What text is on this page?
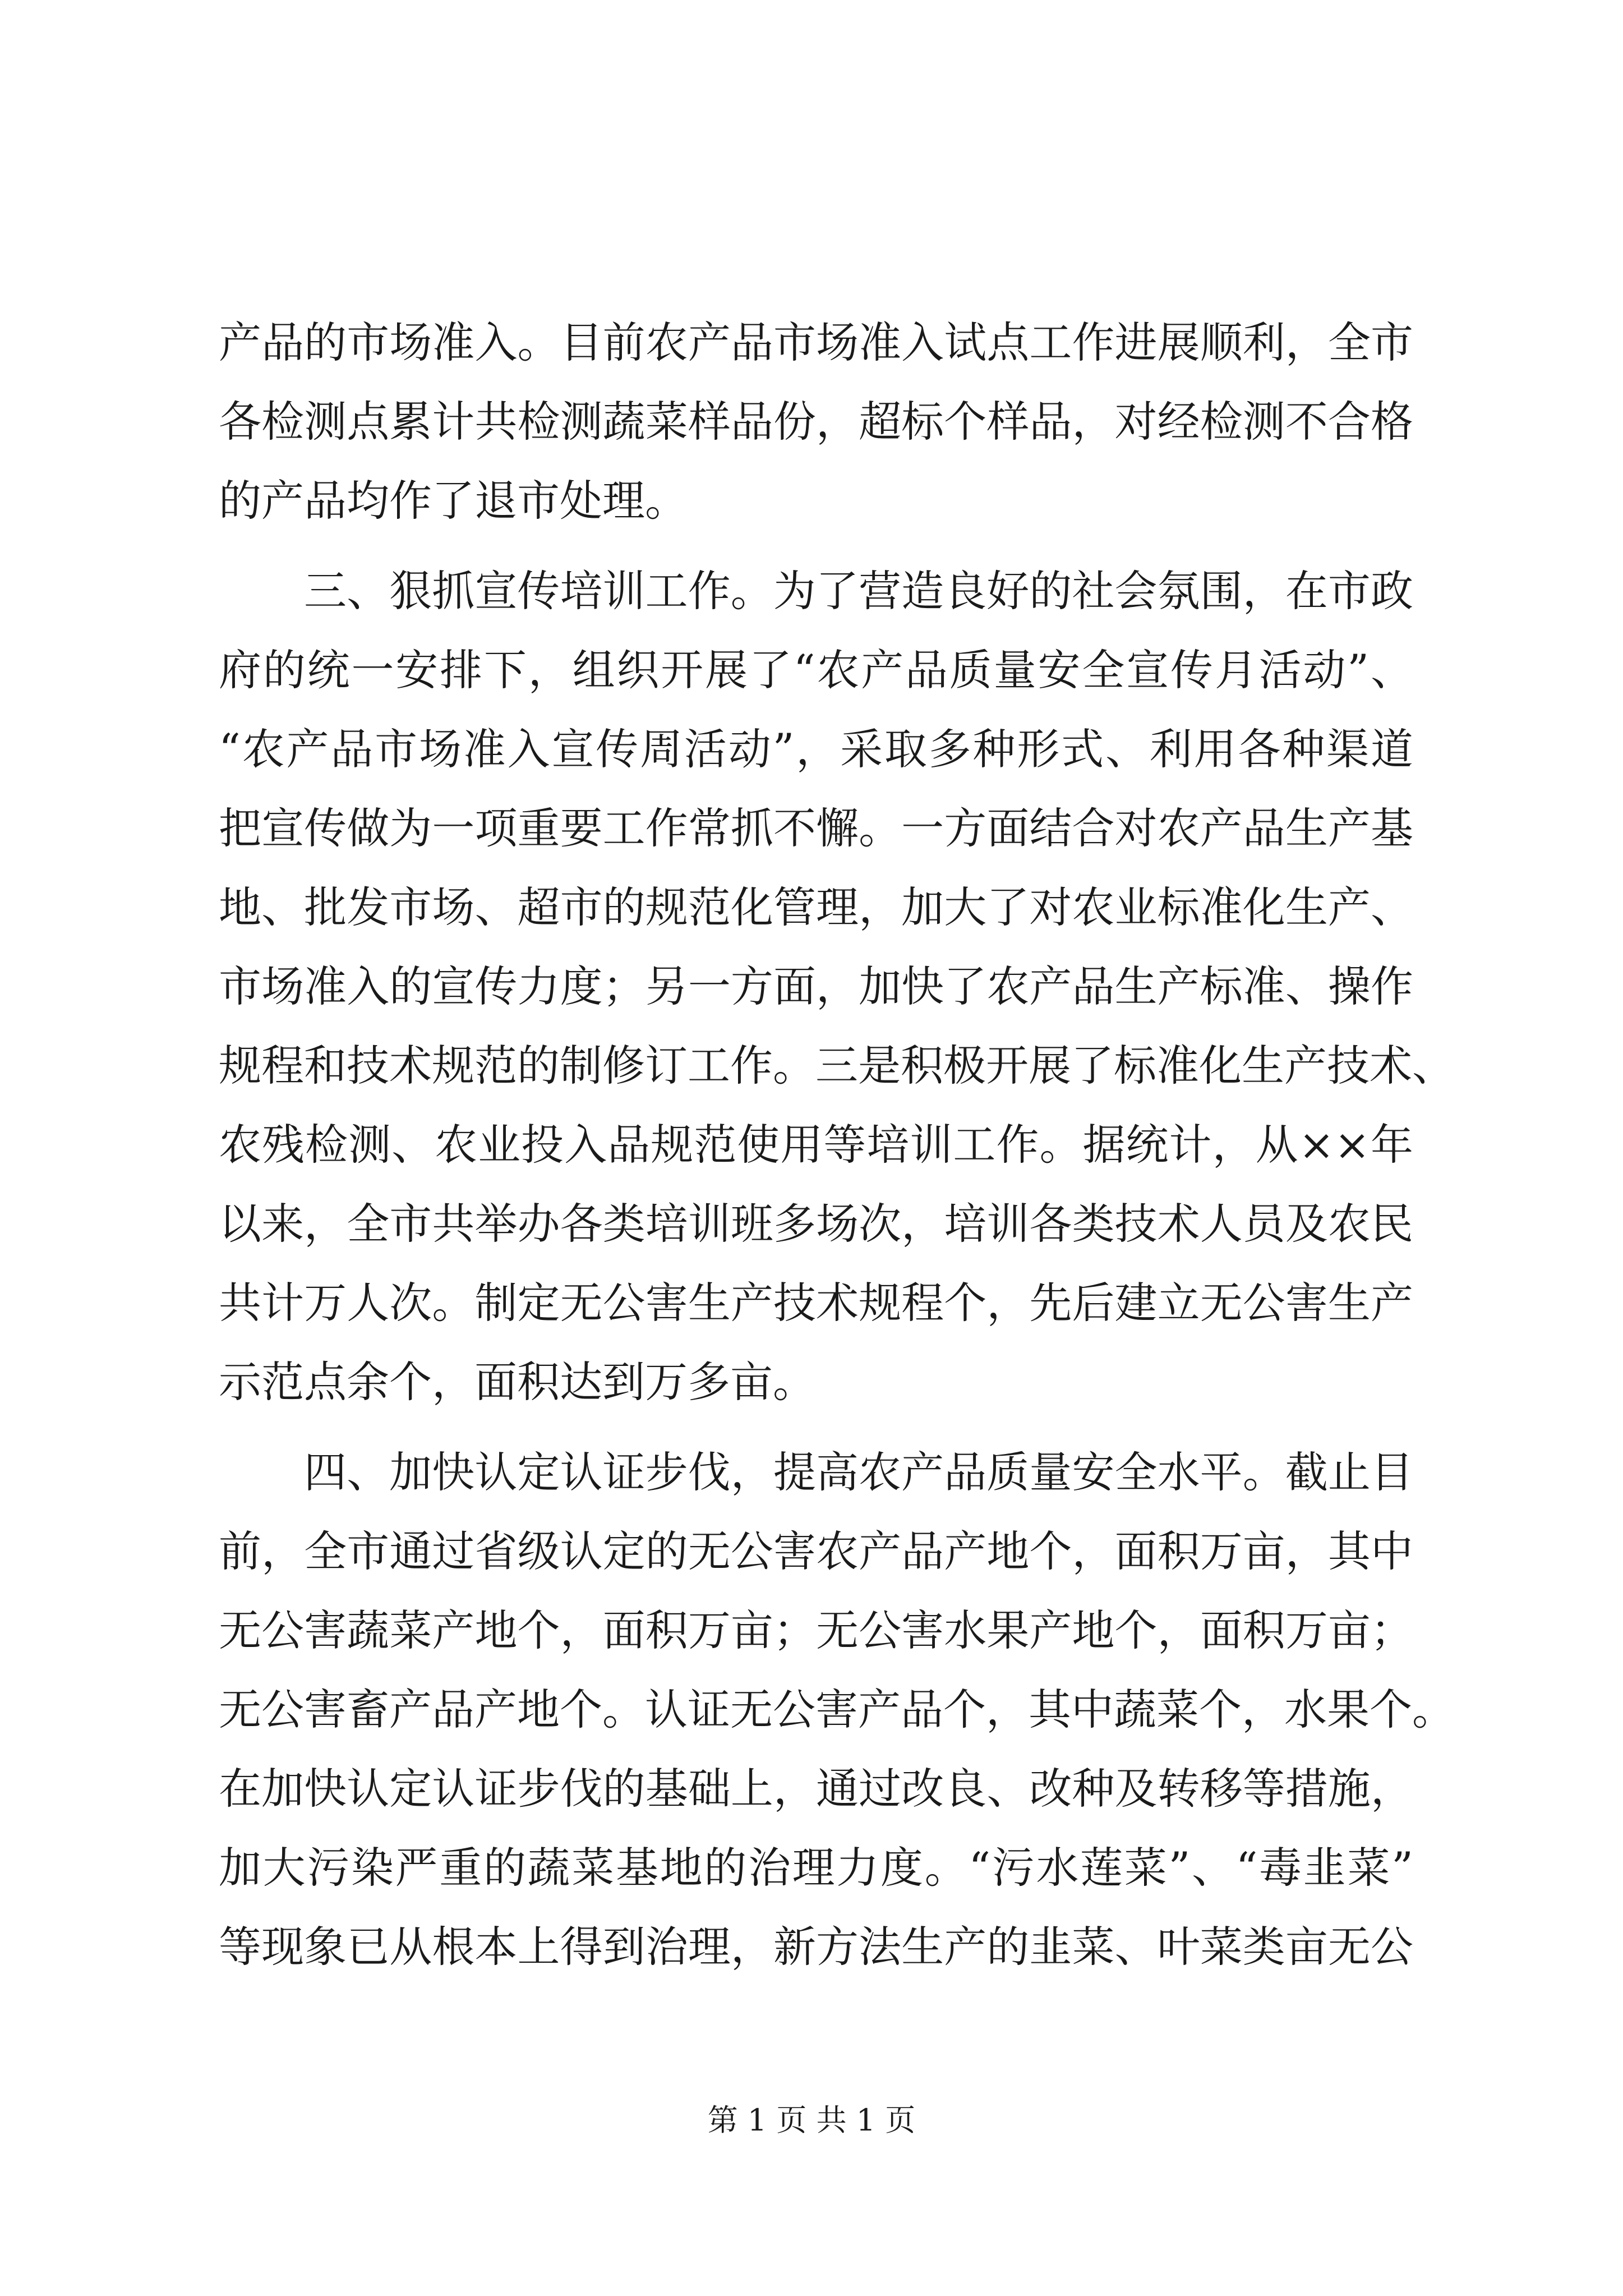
产品的市场准入。目前农产品市场准入试点工作进展顺利，全市
各检测点累计共检测蔬菜样品份，超标个样品，对经检测不合格
的产品均作了退市处理。
三、狠抓宣传培训工作。为了营造良好的社会氛围，在市政
府的统一安排下，组织开展了“农产品质量安全宣传月活动”、
“农产品市场准入宣传周活动”，采取多种形式、利用各种渠道
把宣传做为一项重要工作常抓不懈。一方面结合对农产品生产基
地、批发市场、超市的规范化管理，加大了对农业标准化生产、
市场准入的宣传力度；另一方面，加快了农产品生产标准、操作
规程和技术规范的制修订工作。三是积极开展了标准化生产技术、
农残检测、农业投入品规范使用等培训工作。据统计，从××年
以来，全市共举办各类培训班多场次，培训各类技术人员及农民
共计万人次。制定无公害生产技术规程个，先后建立无公害生产
示范点余个，面积达到万多亩。
四、加快认定认证步伐，提高农产品质量安全水平。截止目
前，全市通过省级认定的无公害农产品产地个，面积万亩，其中
无公害蔬菜产地个，面积万亩；无公害水果产地个，面积万亩；
无公害畜产品产地个。认证无公害产品个，其中蔬菜个，水果个。
在加快认定认证步伐的基础上，通过改良、改种及转移等措施，
加大污染严重的蔬菜基地的治理力度。“污水莲菜”、“毒韭菜”
等现象已从根本上得到治理，新方法生产的韭菜、叶菜类亩无公
第 1 页 共 1 页
